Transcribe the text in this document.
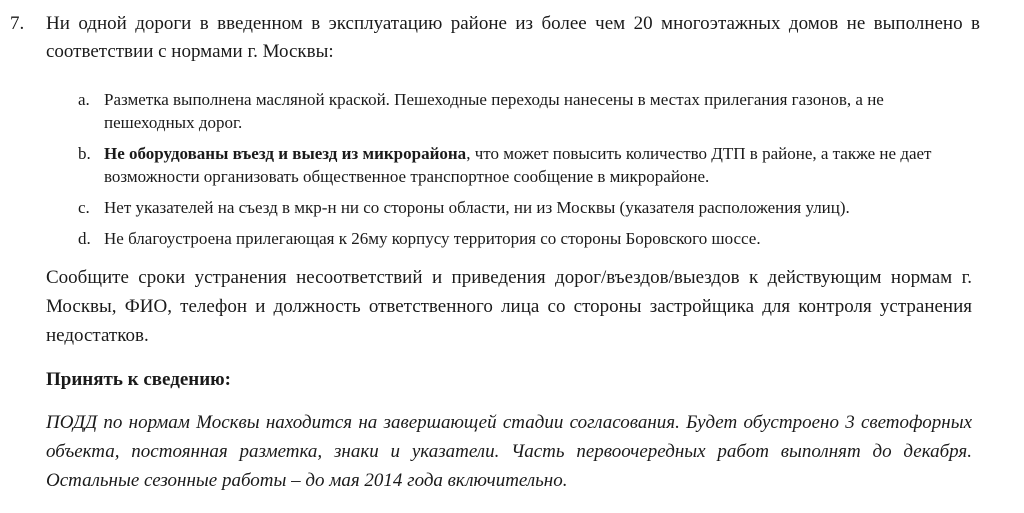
7. Ни одной дороги в введенном в эксплуатацию районе из более чем 20 многоэтажных домов не выполнено в соответствии с нормами г. Москвы:
a. Разметка выполнена масляной краской. Пешеходные переходы нанесены в местах прилегания газонов, а не пешеходных дорог.
b. Не оборудованы въезд и выезд из микрорайона, что может повысить количество ДТП в районе, а также не дает возможности организовать общественное транспортное сообщение в микрорайоне.
c. Нет указателей на съезд в мкр-н ни со стороны области, ни из Москвы (указателя расположения улиц).
d. Не благоустроена прилегающая к 26му корпусу территория со стороны Боровского шоссе.
Сообщите сроки устранения несоответствий и приведения дорог/въездов/выездов к действующим нормам г. Москвы, ФИО, телефон и должность ответственного лица со стороны застройщика для контроля устранения недостатков.
Принять к сведению:
ПОДД по нормам Москвы находится на завершающей стадии согласования. Будет обустроено 3 светофорных объекта, постоянная разметка, знаки и указатели. Часть первоочередных работ выполнят до декабря. Остальные сезонные работы – до мая 2014 года включительно.
